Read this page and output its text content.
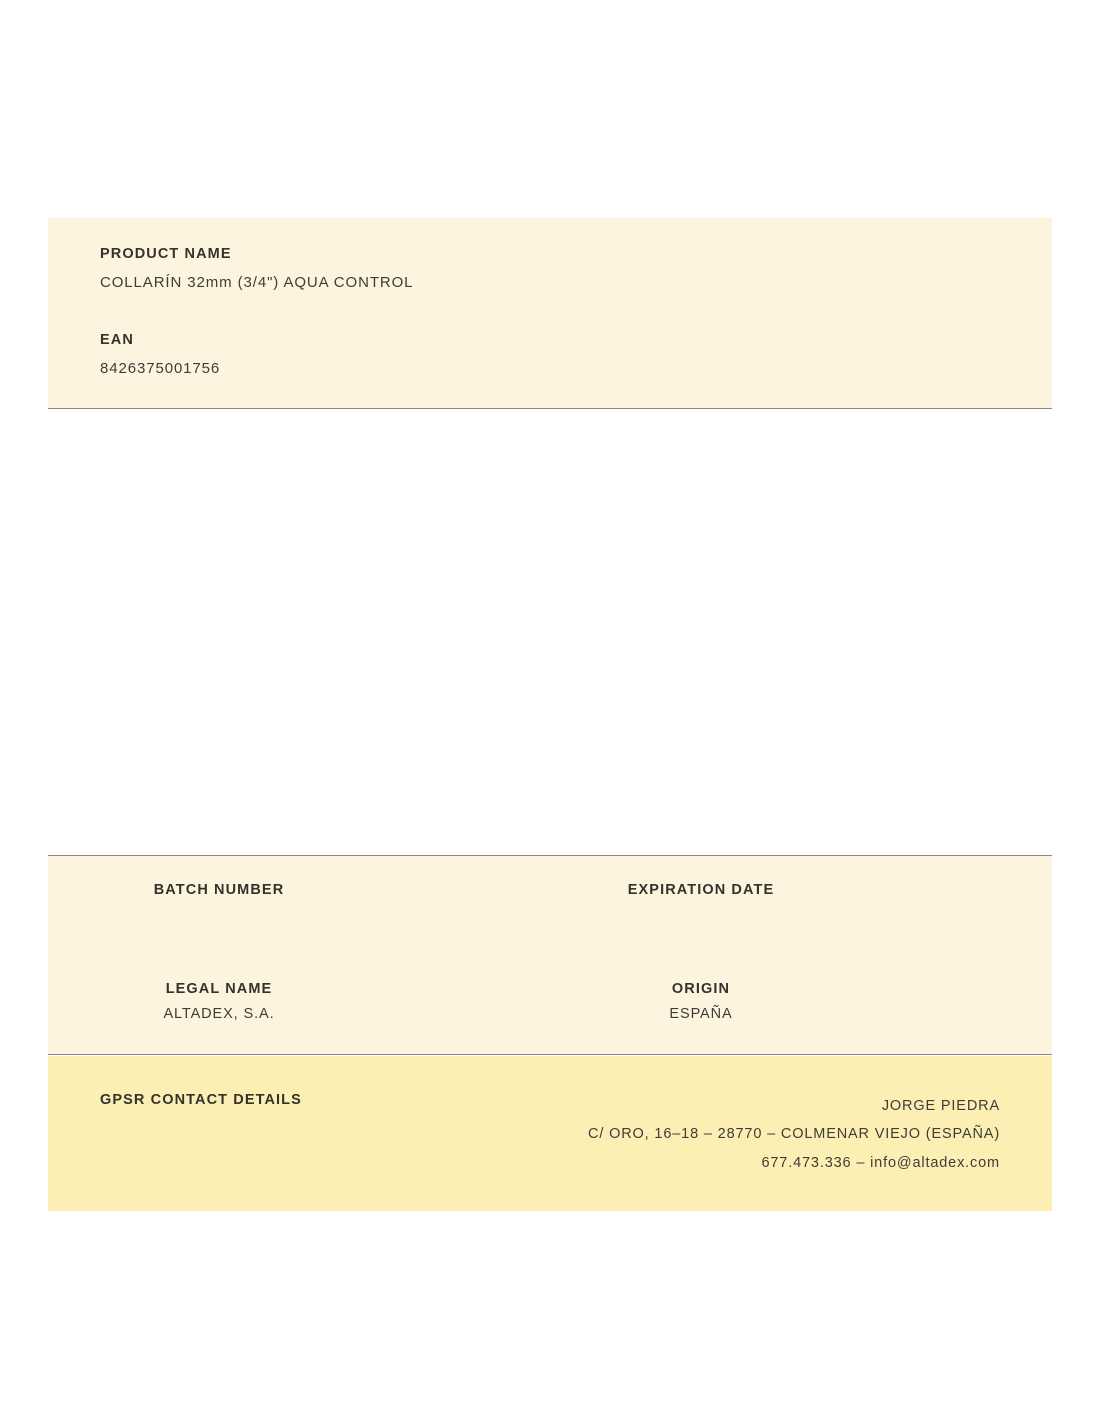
PRODUCT NAME
COLLARÍN 32mm (3/4") AQUA CONTROL
EAN
8426375001756
BATCH NUMBER	EXPIRATION DATE
LEGAL NAME
ALTADEX, S.A.
ORIGIN
ESPAÑA
GPSR CONTACT DETAILS	JORGE PIEDRA
C/ ORO, 16–18 – 28770 – COLMENAR VIEJO (ESPAÑA)
677.473.336 – info@altadex.com
